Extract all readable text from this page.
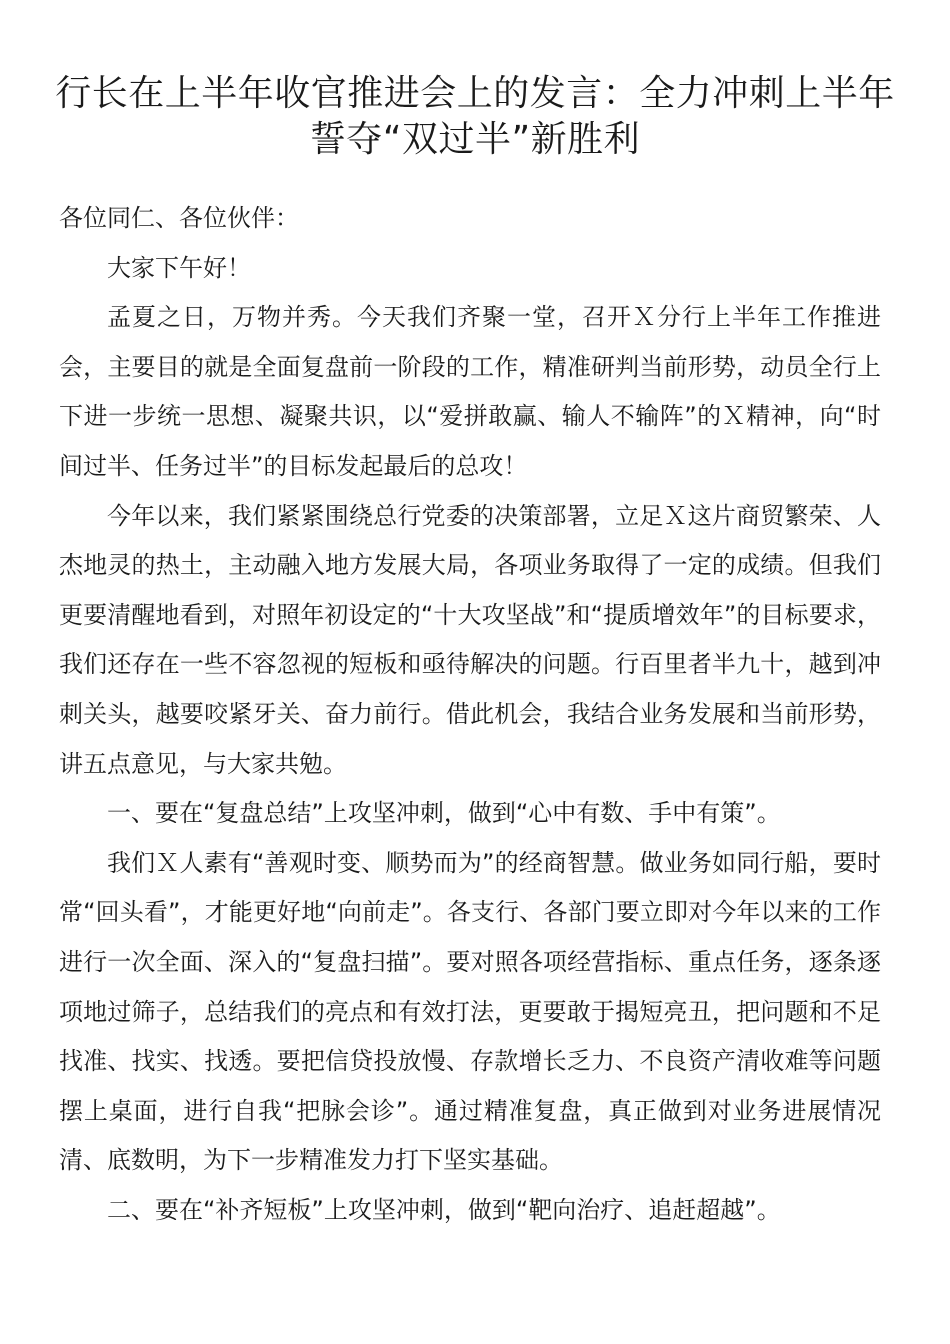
行长在上半年收官推进会上的发言：全力冲刺上半年
誓夺“双过半”新胜利

各位同仁、各位伙伴：

大家下午好！

孟夏之日，万物并秀。今天我们齐聚一堂，召开Ｘ分行上半年工作推进会，主要目的就是全面复盘前一阶段的工作，精准研判当前形势，动员全行上下进一步统一思想、凝聚共识，以“爱拼敢赢、输人不输阵”的Ｘ精神，向“时间过半、任务过半”的目标发起最后的总攻！

今年以来，我们紧紧围绕总行党委的决策部署，立足Ｘ这片商贸繁荣、人杰地灵的热土，主动融入地方发展大局，各项业务取得了一定的成绩。但我们更要清醒地看到，对照年初设定的“十大攻坚战”和“提质增效年”的目标要求，我们还存在一些不容忽视的短板和亟待解决的问题。行百里者半九十，越到冲刺关头，越要咬紧牙关、奋力前行。借此机会，我结合业务发展和当前形势，讲五点意见，与大家共勉。

一、要在“复盘总结”上攻坚冲刺，做到“心中有数、手中有策”。

我们Ｘ人素有“善观时变、顺势而为”的经商智慧。做业务如同行船，要时常“回头看”，才能更好地“向前走”。各支行、各部门要立即对今年以来的工作进行一次全面、深入的“复盘扫描”。要对照各项经营指标、重点任务，逐条逐项地过筛子，总结我们的亮点和有效打法，更要敢于揭短亮丑，把问题和不足找准、找实、找透。要把信贷投放慢、存款增长乏力、不良资产清收难等问题摆上桌面，进行自我“把脉会诊”。通过精准复盘，真正做到对业务进展情况清、底数明，为下一步精准发力打下坚实基础。

二、要在“补齐短板”上攻坚冲刺，做到“靶向治疗、追赶超越”。
